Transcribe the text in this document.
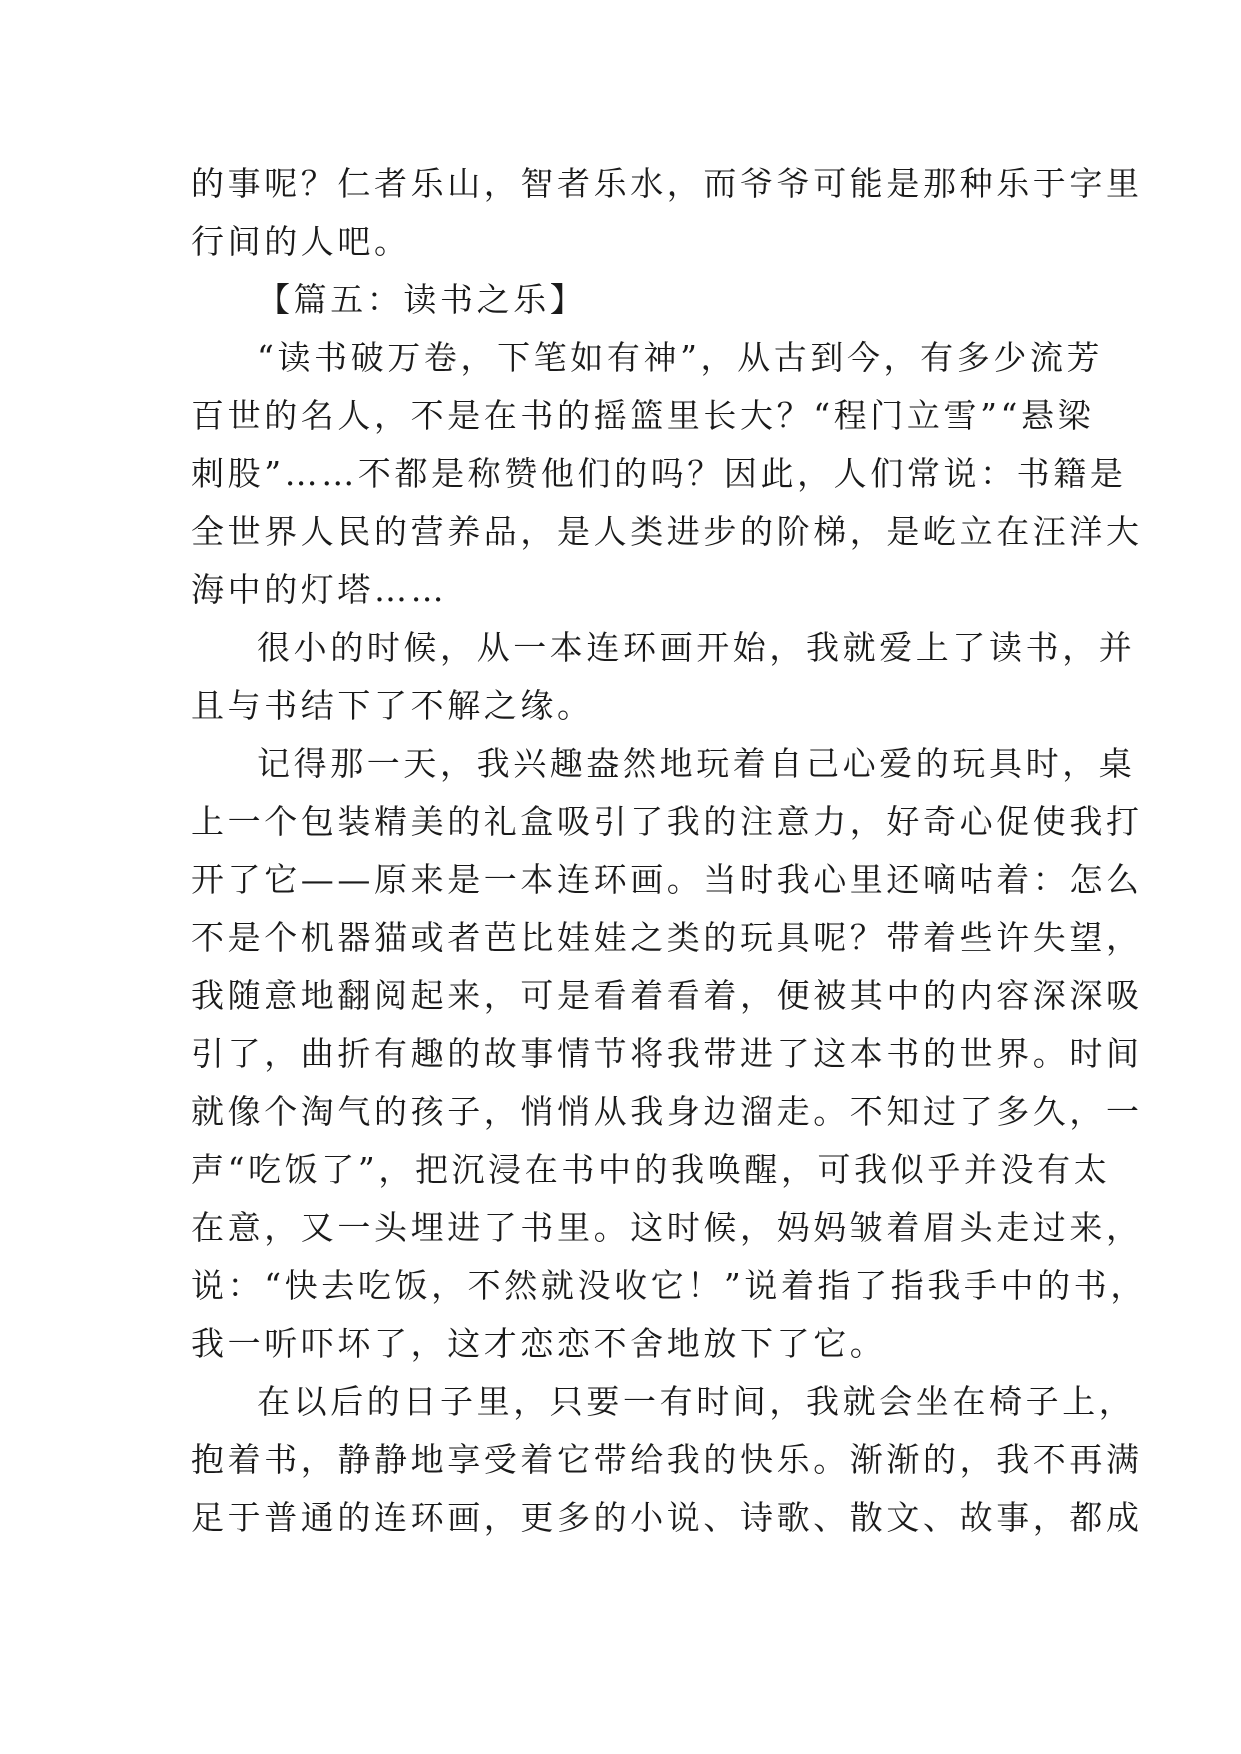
的事呢？仁者乐山，智者乐水，而爷爷可能是那种乐于字里
行间的人吧。
【篇五：读书之乐】
“读书破万卷，下笔如有神”，从古到今，有多少流芳
百世的名人，不是在书的摇篮里长大？“程门立雪”“悬梁
刺股”……不都是称赞他们的吗？因此，人们常说：书籍是
全世界人民的营养品，是人类进步的阶梯，是屹立在汪洋大
海中的灯塔……
很小的时候，从一本连环画开始，我就爱上了读书，并
且与书结下了不解之缘。
记得那一天，我兴趣盎然地玩着自己心爱的玩具时，桌
上一个包装精美的礼盒吸引了我的注意力，好奇心促使我打
开了它——原来是一本连环画。当时我心里还嘀咕着：怎么
不是个机器猫或者芭比娃娃之类的玩具呢？带着些许失望，
我随意地翻阅起来，可是看着看着，便被其中的内容深深吸
引了，曲折有趣的故事情节将我带进了这本书的世界。时间
就像个淘气的孩子，悄悄从我身边溜走。不知过了多久，一
声“吃饭了”，把沉浸在书中的我唤醒，可我似乎并没有太
在意，又一头埋进了书里。这时候，妈妈皱着眉头走过来，
说：“快去吃饭，不然就没收它！”说着指了指我手中的书，
我一听吓坏了，这才恋恋不舍地放下了它。
在以后的日子里，只要一有时间，我就会坐在椅子上，
抱着书，静静地享受着它带给我的快乐。渐渐的，我不再满
足于普通的连环画，更多的小说、诗歌、散文、故事，都成
